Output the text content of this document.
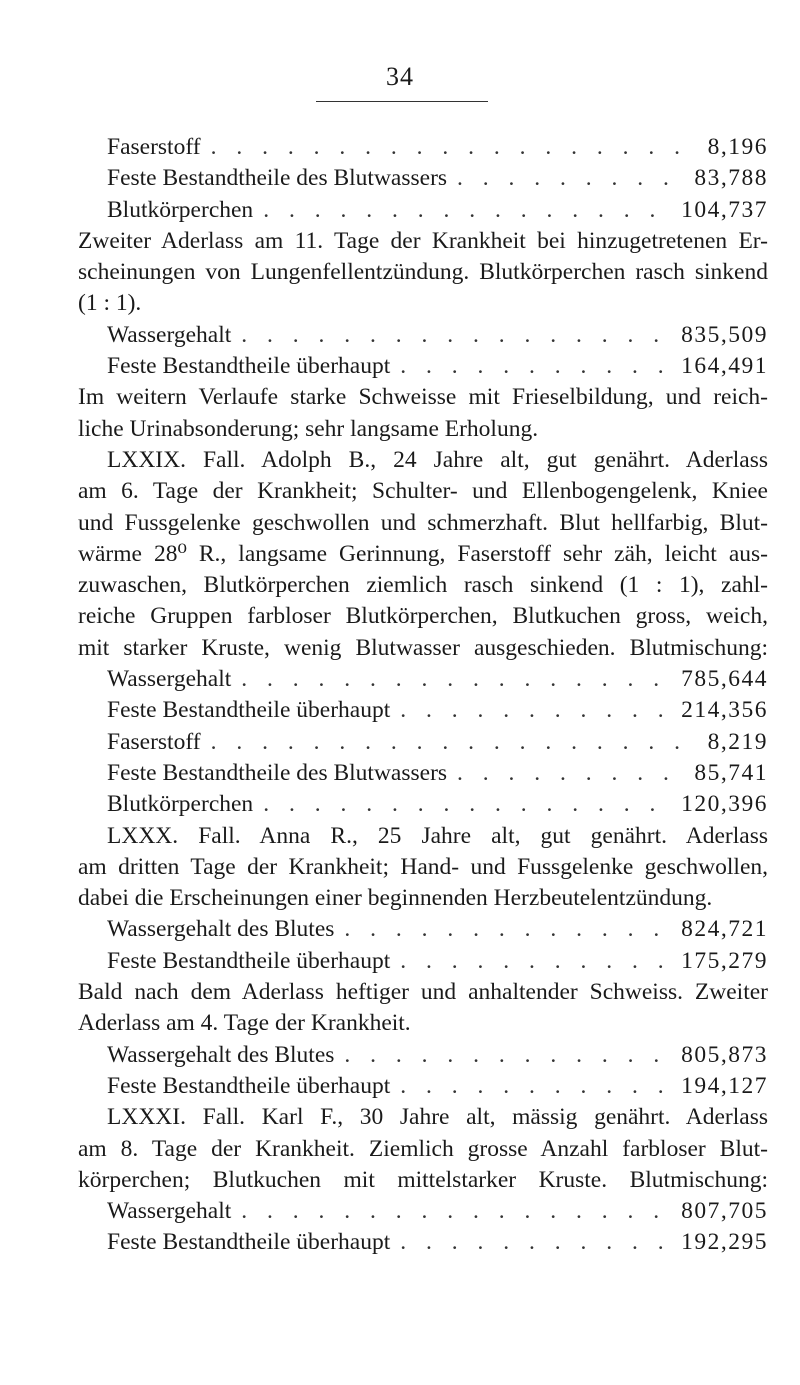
34
Faserstoff . . .	8,196
Feste Bestandtheile des Blutwassers . . .	83,788
Blutkörperchen . . .	104,737

Zweiter Aderlass am 11. Tage der Krankheit bei hinzugetretenen Er-
scheinungen von Lungenfellentzündung. Blutkörperchen rasch sinkend
(1 : 1).

Wassergehalt . . .	835,509
Feste Bestandtheile überhaupt . . .	164,491

Im weitern Verlaufe starke Schweisse mit Frieselbildung, und reich-
liche Urinabsonderung; sehr langsame Erholung.

LXXIX. Fall. Adolph B., 24 Jahre alt, gut genährt. Aderlass
am 6. Tage der Krankheit; Schulter- und Ellenbogengelenk, Kniee
und Fussgelenke geschwollen und schmerzhaft. Blut hellfarbig, Blut-
wärme 28⁰ R., langsame Gerinnung, Faserstoff sehr zäh, leicht aus-
zuwaschen, Blutkörperchen ziemlich rasch sinkend (1 : 1), zahl-
reiche Gruppen farbloser Blutkörperchen, Blutkuchen gross, weich,
mit starker Kruste, wenig Blutwasser ausgeschieden. Blutmischung:

Wassergehalt . . .	785,644
Feste Bestandtheile überhaupt . . .	214,356
Faserstoff . . .	8,219
Feste Bestandtheile des Blutwassers . . .	85,741
Blutkörperchen . . .	120,396

LXXX. Fall. Anna R., 25 Jahre alt, gut genährt. Aderlass
am dritten Tage der Krankheit; Hand- und Fussgelenke geschwollen,
dabei die Erscheinungen einer beginnenden Herzbeutelentzündung.

Wassergehalt des Blutes . . .	824,721
Feste Bestandtheile überhaupt . . .	175,279

Bald nach dem Aderlass heftiger und anhaltender Schweiss. Zweiter
Aderlass am 4. Tage der Krankheit.

Wassergehalt des Blutes . . .	805,873
Feste Bestandtheile überhaupt . . .	194,127

LXXXI. Fall. Karl F., 30 Jahre alt, mässig genährt. Aderlass
am 8. Tage der Krankheit. Ziemlich grosse Anzahl farbloser Blut-
körperchen; Blutkuchen mit mittelstarker Kruste. Blutmischung:

Wassergehalt . . .	807,705
Feste Bestandtheile überhaupt . . .	192,295
